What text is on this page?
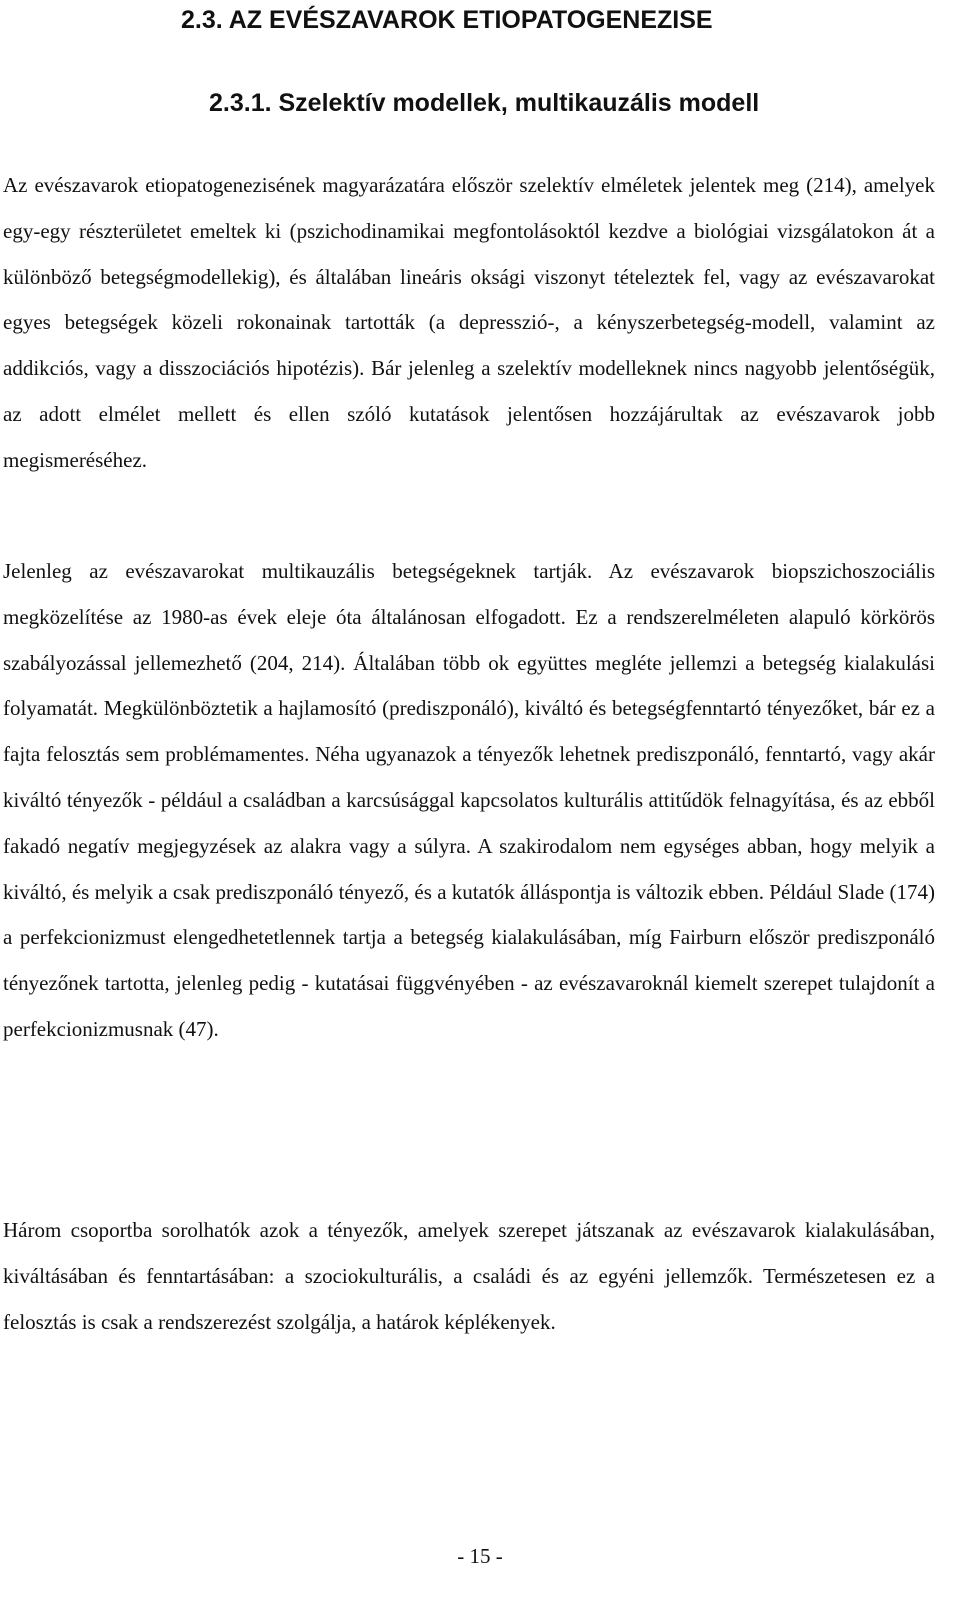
2.3. AZ EVÉSZAVAROK ETIOPATOGENEZISE
2.3.1. Szelektív modellek, multikauzális modell

Az evészavarok etiopatogenezisének magyarázatára először szelektív elméletek jelentek meg (214), amelyek egy-egy részterületet emeltek ki (pszichodinamikai megfontolásoktól kezdve a biológiai vizsgálatokon át a különböző betegségmodellekig), és általában lineáris oksági viszonyt tételeztek fel, vagy az evészavarokat egyes betegségek közeli rokonainak tartották (a depresszió-, a kényszerbetegség-modell, valamint az addikciós, vagy a disszociációs hipotézis). Bár jelenleg a szelektív modelleknek nincs nagyobb jelentőségük, az adott elmélet mellett és ellen szóló kutatások jelentősen hozzájárultak az evészavarok jobb megismeréséhez.

Jelenleg az evészavarokat multikauzális betegségeknek tartják. Az evészavarok biopszichoszociális megközelítése az 1980-as évek eleje óta általánosan elfogadott. Ez a rendszerelméleten alapuló körkörös szabályozással jellemezhető (204, 214). Általában több ok együttes megléte jellemzi a betegség kialakulási folyamatát. Megkülönböztetik a hajlamosító (prediszponáló), kiváltó és betegségfenntartó tényezőket, bár ez a fajta felosztás sem problémamentes. Néha ugyanazok a tényezők lehetnek prediszponáló, fenntartó, vagy akár kiváltó tényezők - például a családban a karcsúsággal kapcsolatos kulturális attitűdök felnagyítása, és az ebből fakadó negatív megjegyzések az alakra vagy a súlyra. A szakirodalom nem egységes abban, hogy melyik a kiváltó, és melyik a csak prediszponáló tényező, és a kutatók álláspontja is változik ebben. Például Slade (174) a perfekcionizmust elengedhetetlennek tartja a betegség kialakulásában, míg Fairburn először prediszponáló tényezőnek tartotta, jelenleg pedig - kutatásai függvényében - az evészavaroknál kiemelt szerepet tulajdonít a perfekcionizmusnak (47).

Három csoportba sorolhatók azok a tényezők, amelyek szerepet játszanak az evészavarok kialakulásában, kiváltásában és fenntartásában: a szociokulturális, a családi és az egyéni jellemzők. Természetesen ez a felosztás is csak a rendszerezést szolgálja, a határok képlékenyek.

- 15 -
